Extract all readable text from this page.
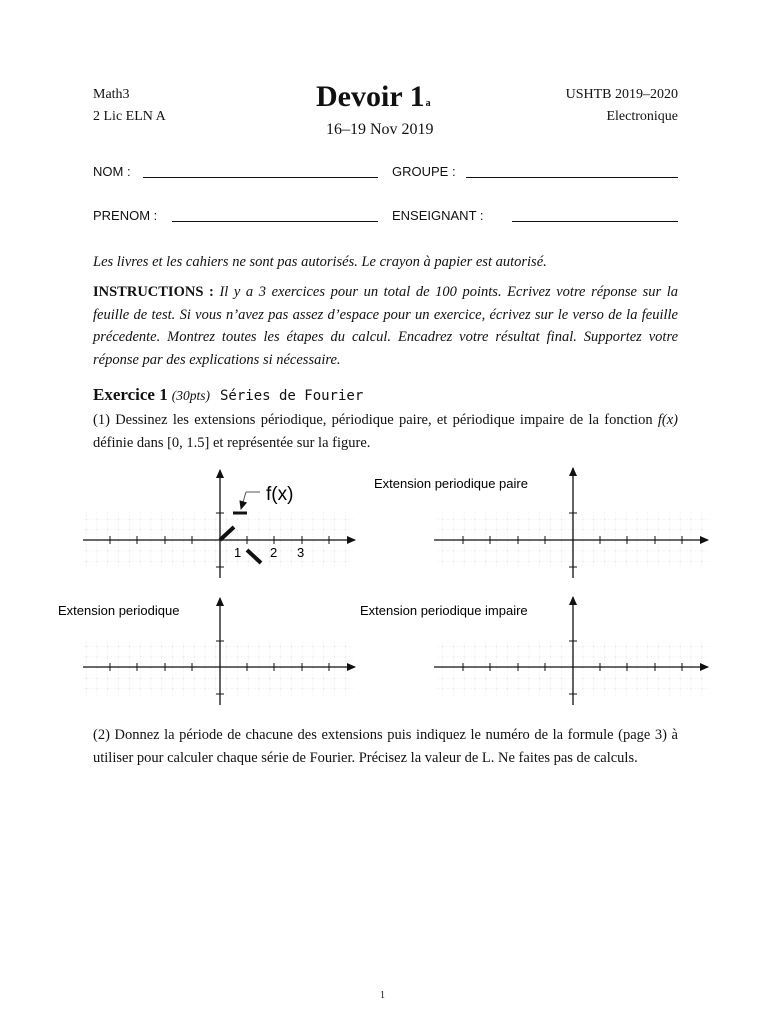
Math3
2 Lic ELN A
Devoir 1a
16–19 Nov 2019
USHTB 2019–2020
Electronique
NOM :	GROUPE :
PRENOM :	ENSEIGNANT :
Les livres et les cahiers ne sont pas autorisés. Le crayon à papier est autorisé.
INSTRUCTIONS : Il y a 3 exercices pour un total de 100 points. Ecrivez votre réponse sur la feuille de test. Si vous n’avez pas assez d’espace pour un exercice, écrivez sur le verso de la feuille précedente. Montrez toutes les étapes du calcul. Encadrez votre résultat final. Supportez votre réponse par des explications si nécessaire.
Exercice 1 (30pts) Séries de Fourier
(1) Dessinez les extensions périodique, périodique paire, et périodique impaire de la fonction f(x) définie dans [0, 1.5] et représentée sur la figure.
f(x)
1 2 3
Extension periodique paire
Extension periodique	Extension periodique impaire
(2) Donnez la période de chacune des extensions puis indiquez le numéro de la formule (page 3) à utiliser pour calculer chaque série de Fourier. Précisez la valeur de L. Ne faites pas de calculs.
1
